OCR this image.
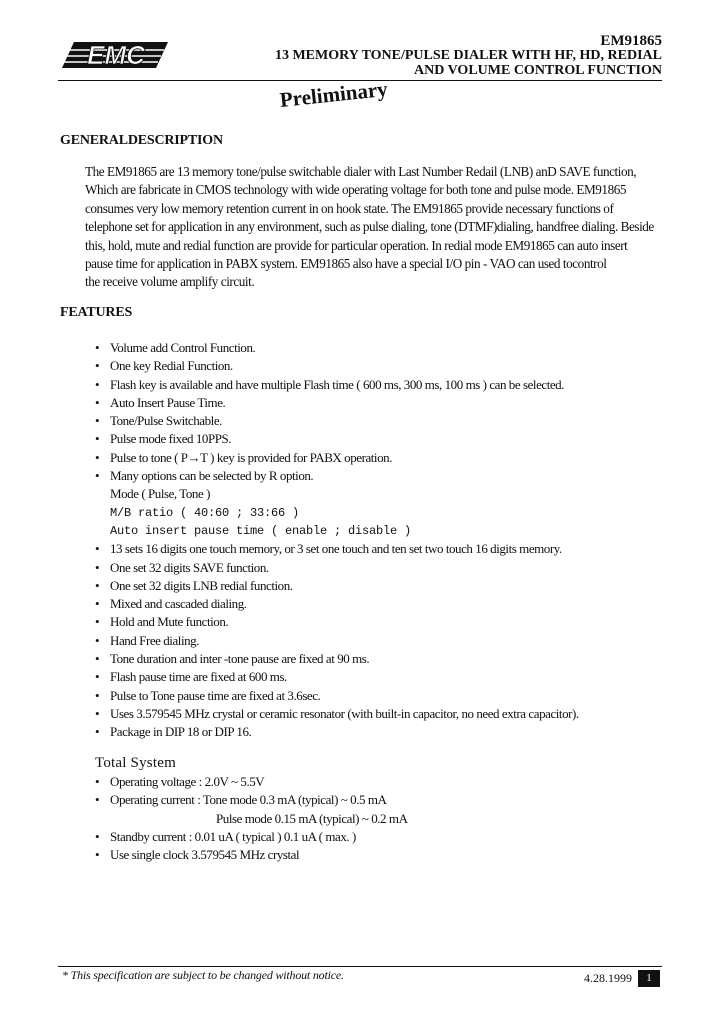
EMC	EM91865
13 MEMORY TONE/PULSE DIALER WITH HF, HD, REDIAL
AND VOLUME CONTROL FUNCTION
Preliminary
GENERALDESCRIPTION
The EM91865 are 13 memory tone/pulse switchable dialer with Last Number Redail (LNB) anD SAVE function,
Which are fabricate in CMOS technology with wide operating voltage for both tone and pulse mode. EM91865
consumes very low memory retention current in on hook state. The EM91865 provide necessary functions of
telephone set for application in any environment, such as pulse dialing, tone (DTMF)dialing, handfree dialing. Beside
this, hold, mute and redial function are provide for particular operation. In redial mode EM91865 can auto insert
pause time for application in PABX system. EM91865 also have a special I/O pin - VAO can used tocontrol
the receive volume amplify circuit.
FEATURES
• Volume add Control Function.
• One key Redial Function.
• Flash key is available and have multiple Flash time ( 600 ms, 300 ms, 100 ms ) can be selected.
• Auto Insert Pause Time.
• Tone/Pulse Switchable.
• Pulse mode fixed 10PPS.
• Pulse to tone ( P→T ) key is provided for PABX operation.
• Many options can be selected by R option.
Mode ( Pulse, Tone )
M/B ratio ( 40:60 ; 33:66 )
Auto insert pause time ( enable ; disable )
• 13 sets 16 digits one touch memory, or 3 set one touch and ten set two touch 16 digits memory.
• One set 32 digits SAVE function.
• One set 32 digits LNB redial function.
• Mixed and cascaded dialing.
• Hold and Mute function.
• Hand Free dialing.
• Tone duration and inter -tone pause are fixed at 90 ms.
• Flash pause time are fixed at 600 ms.
• Pulse to Tone pause time are fixed at 3.6sec.
• Uses 3.579545 MHz crystal or ceramic resonator (with built-in capacitor, no need extra capacitor).
• Package in DIP 18 or DIP 16.
Total System
• Operating voltage : 2.0V ~ 5.5V
• Operating current : Tone mode 0.3 mA (typical) ~ 0.5 mA
Pulse mode 0.15 mA (typical) ~ 0.2 mA
• Standby current : 0.01 uA ( typical ) 0.1 uA ( max. )
• Use single clock 3.579545 MHz crystal
* This specification are subject to be changed without notice.	4.28.1999	1
